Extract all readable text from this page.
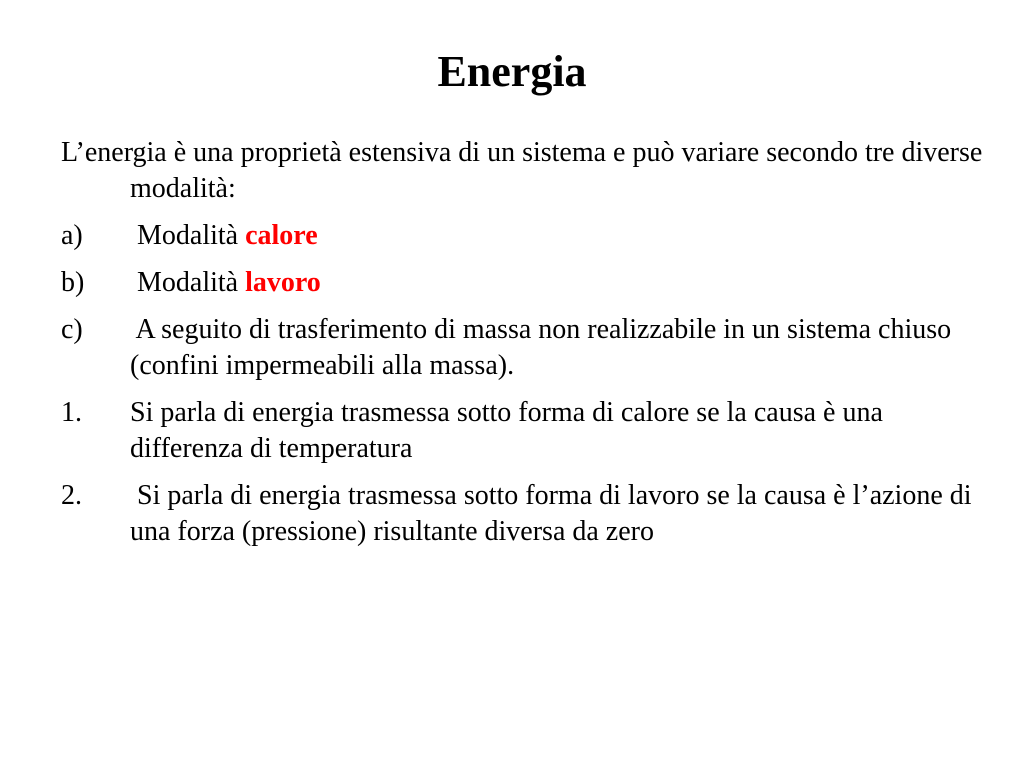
Energia

L’energia è una proprietà estensiva di un sistema e può variare secondo tre diverse modalità:

a) Modalità calore

b) Modalità lavoro

c) A seguito di trasferimento di massa non realizzabile in un sistema chiuso (confini impermeabili alla massa).

1. Si parla di energia trasmessa sotto forma di calore se la causa è una differenza di temperatura

2. Si parla di energia trasmessa sotto forma di lavoro se la causa è l’azione di una forza (pressione) risultante diversa da zero
